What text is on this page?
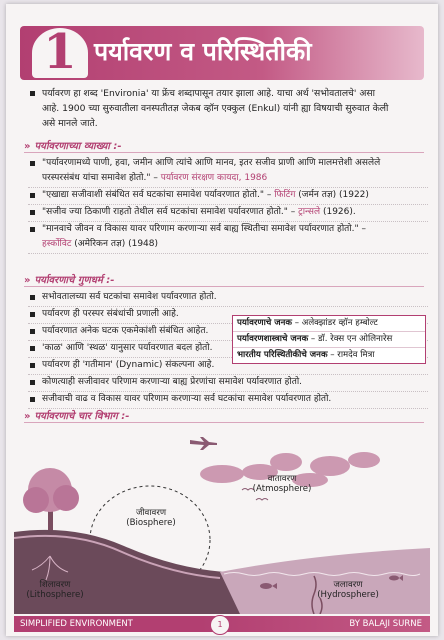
1 पर्यावरण व परिस्थितीकी
पर्यावरण हा शब्द 'Environia' या फ्रेंच शब्दापासून तयार झाला आहे. याचा अर्थ 'सभोवतालचे' असा
आहे. 1900 च्या सुरुवातीला वनस्पतीतज्ञ जेकब व्हॉन एक्कुल (Enkul) यांनी ह्या विषयाची सुरुवात केली
असे मानले जाते.
» पर्यावरणाच्या व्याख्या :-
"पर्यावरणामध्ये पाणी, हवा, जमीन आणि त्यांचे आणि मानव, इतर सजीव प्राणी आणि मालमत्तेशी असलेले
परस्परसंबंध यांचा समावेश होतो." – पर्यावरण संरक्षण कायदा, 1986
"एखाद्या सजीवाशी संबंधित सर्व घटकांचा समावेश पर्यावरणात होतो." – फिटिंग (जर्मन तज्ञ) (1922)
"सजीव ज्या ठिकाणी राहतो तेथील सर्व घटकांचा समावेश पर्यावरणात होतो." – ट्रान्सले (1926).
"मानवाचे जीवन व विकास यावर परिणाम करणाऱ्या सर्व बाह्य स्थितीचा समावेश पर्यावरणात होतो." –
हर्स्कोविट (अमेरिकन तज्ञ) (1948)
» पर्यावरणाचे गुणधर्म :-
सभोवतालच्या सर्व घटकांचा समावेश पर्यावरणात होतो.
पर्यावरण ही परस्पर संबंधांची प्रणाली आहे.
पर्यावरणात अनेक घटक एकमेकांशी संबंधित आहेत.
'काळ' आणि 'स्थळ' यानुसार पर्यावरणात बदल होतो.
पर्यावरण ही 'गतीमान' (Dynamic) संकल्पना आहे.
कोणत्याही सजीवावर परिणाम करणाऱ्या बाह्य प्रेरणांचा समावेश पर्यावरणात होतो.
सजीवाची वाढ व विकास यावर परिणाम करणाऱ्या सर्व घटकांचा समावेश पर्यावरणात होतो.
पर्यावरणाचे जनक – अलेक्झांडर व्हॉन हम्बोल्ट
पर्यावरणशास्त्राचे जनक – डॉ. रेक्स एन ओलिनारेस
भारतीय परिस्थितीकीचे जनक – रामदेव मित्रा
» पर्यावरणाचे चार विभाग :-
जीवावरण
(Biosphere)
वातावरण
(Atmosphere)
शिलावरण
(Lithosphere)
जलावरण
(Hydrosphere)
SIMPLIFIED ENVIRONMENT	1	BY BALAJI SURNE
